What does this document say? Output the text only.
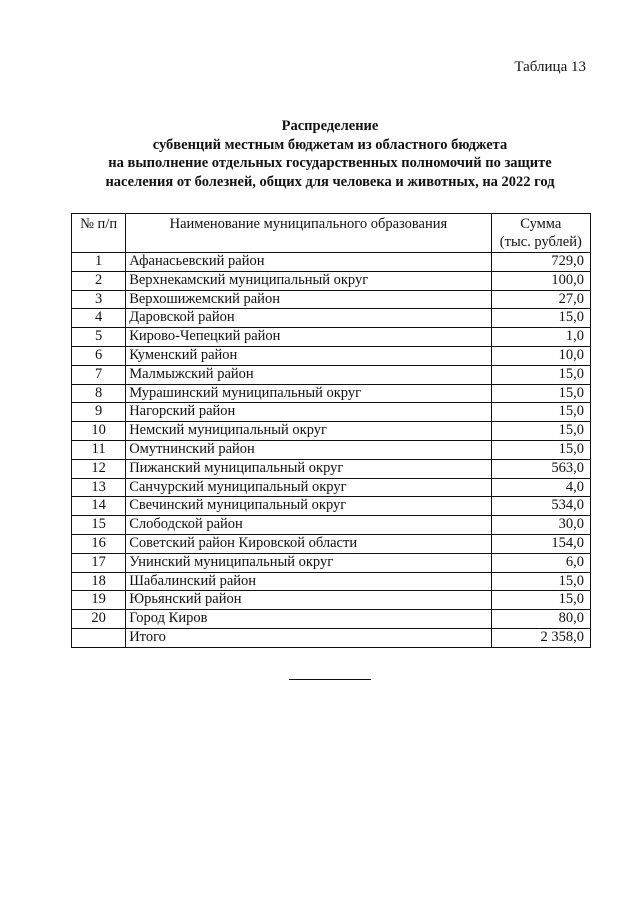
Таблица 13
Распределение
субвенций местным бюджетам из областного бюджета
на выполнение отдельных государственных полномочий по защите
населения от болезней, общих для человека и животных, на 2022 год
№ п/п	Наименование муниципального образования	Сумма
(тыс. рублей)

1	Афанасьевский район	729,0
2	Верхнекамский муниципальный округ	100,0
3	Верхошижемский район	27,0
4	Даровской район	15,0
5	Кирово-Чепецкий район	1,0
6	Куменский район	10,0
7	Малмыжский район	15,0
8	Мурашинский муниципальный округ	15,0
9	Нагорский район	15,0
10	Немский муниципальный округ	15,0
11	Омутнинский район	15,0
12	Пижанский муниципальный округ	563,0
13	Санчурский муниципальный округ	4,0
14	Свечинский муниципальный округ	534,0
15	Слободской район	30,0
16	Советский район Кировской области	154,0
17	Унинский муниципальный округ	6,0
18	Шабалинский район	15,0
19	Юрьянский район	15,0
20	Город Киров	80,0
	Итого	2 358,0
